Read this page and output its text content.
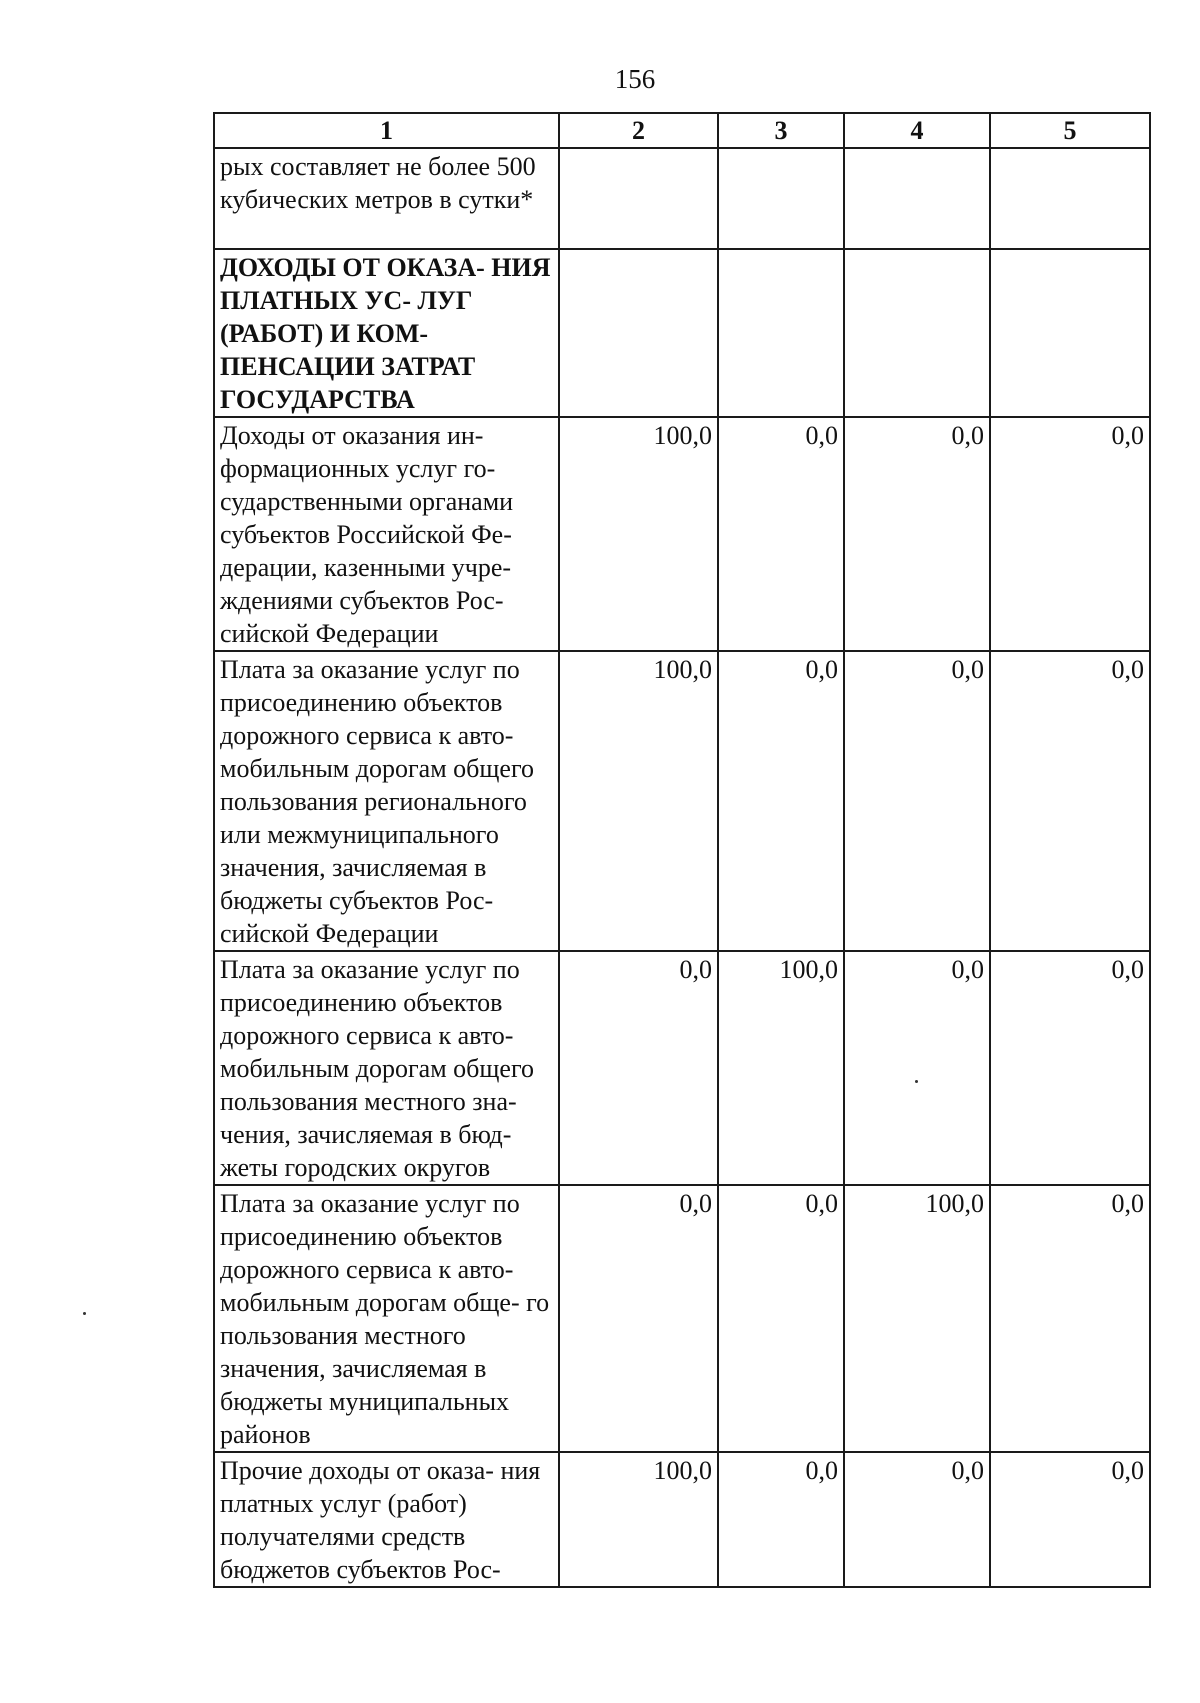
156
1	2	3	4	5
рых составляет не более 500 кубических метров в сутки*				
ДОХОДЫ ОТ ОКАЗА- НИЯ ПЛАТНЫХ УС- ЛУГ (РАБОТ) И КОМ- ПЕНСАЦИИ ЗАТРАТ ГОСУДАРСТВА				
Доходы от оказания ин- формационных услуг го- сударственными органами субъектов Российской Фе- дерации, казенными учре- ждениями субъектов Рос- сийской Федерации	100,0	0,0	0,0	0,0
Плата за оказание услуг по присоединению объектов дорожного сервиса к авто- мобильным дорогам общего пользования регионального или межмуниципального значения, зачисляемая в бюджеты субъектов Рос- сийской Федерации	100,0	0,0	0,0	0,0
Плата за оказание услуг по присоединению объектов дорожного сервиса к авто- мобильным дорогам общего пользования местного зна- чения, зачисляемая в бюд- жеты городских округов	0,0	100,0	0,0	0,0
Плата за оказание услуг по присоединению объектов дорожного сервиса к авто- мобильным дорогам обще- го пользования местного значения, зачисляемая в бюджеты муниципальных районов	0,0	0,0	100,0	0,0
Прочие доходы от оказа- ния платных услуг (работ) получателями средств бюджетов субъектов Рос-	100,0	0,0	0,0	0,0
